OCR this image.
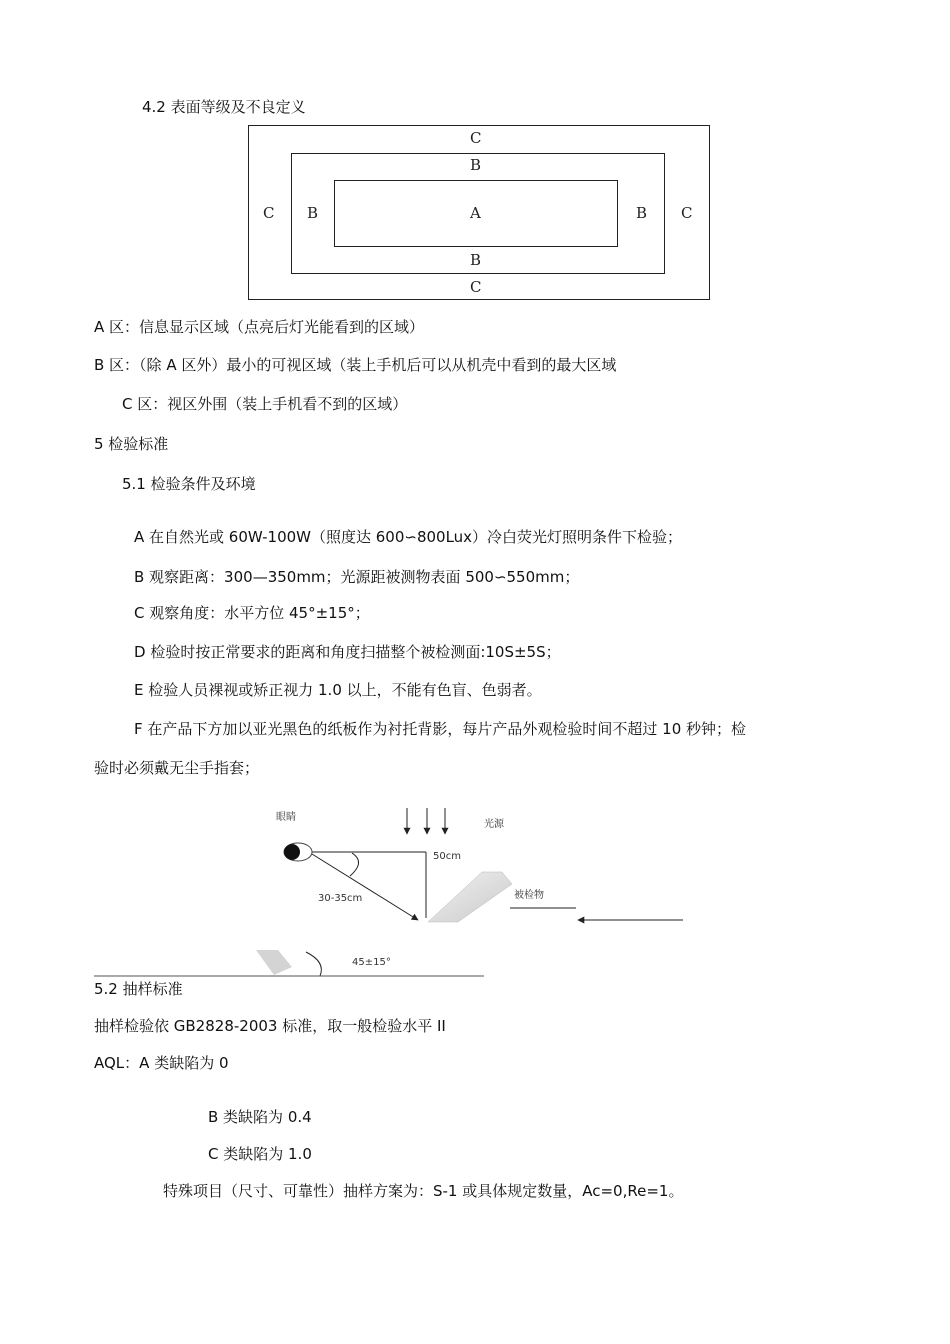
4.2 表面等级及不良定义
C
B
C B	A	B C
B
C
A 区：信息显示区域（点亮后灯光能看到的区域）
B 区：（除 A 区外）最小的可视区域（装上手机后可以从机壳中看到的最大区域
C 区：视区外围（装上手机看不到的区域）
5 检验标准
5.1 检验条件及环境
A 在自然光或 60W-100W（照度达 600∽800Lux）冷白荧光灯照明条件下检验；
B 观察距离：300—350mm；光源距被测物表面 500∽550mm；
C 观察角度：水平方位 45°±15°；
D 检验时按正常要求的距离和角度扫描整个被检测面:10S±5S；
E 检验人员裸视或矫正视力 1.0 以上，不能有色盲、色弱者。
F 在产品下方加以亚光黑色的纸板作为衬托背影，每片产品外观检验时间不超过 10 秒钟；检
验时必须戴无尘手指套；
眼睛
光源
50cm
30-35cm	被检物
45±15°
5.2 抽样标准
抽样检验依 GB2828-2003 标准，取一般检验水平 II
AQL：A 类缺陷为 0
B 类缺陷为 0.4
C 类缺陷为 1.0
特殊项目（尺寸、可靠性）抽样方案为：S-1 或具体规定数量，Ac=0,Re=1。
